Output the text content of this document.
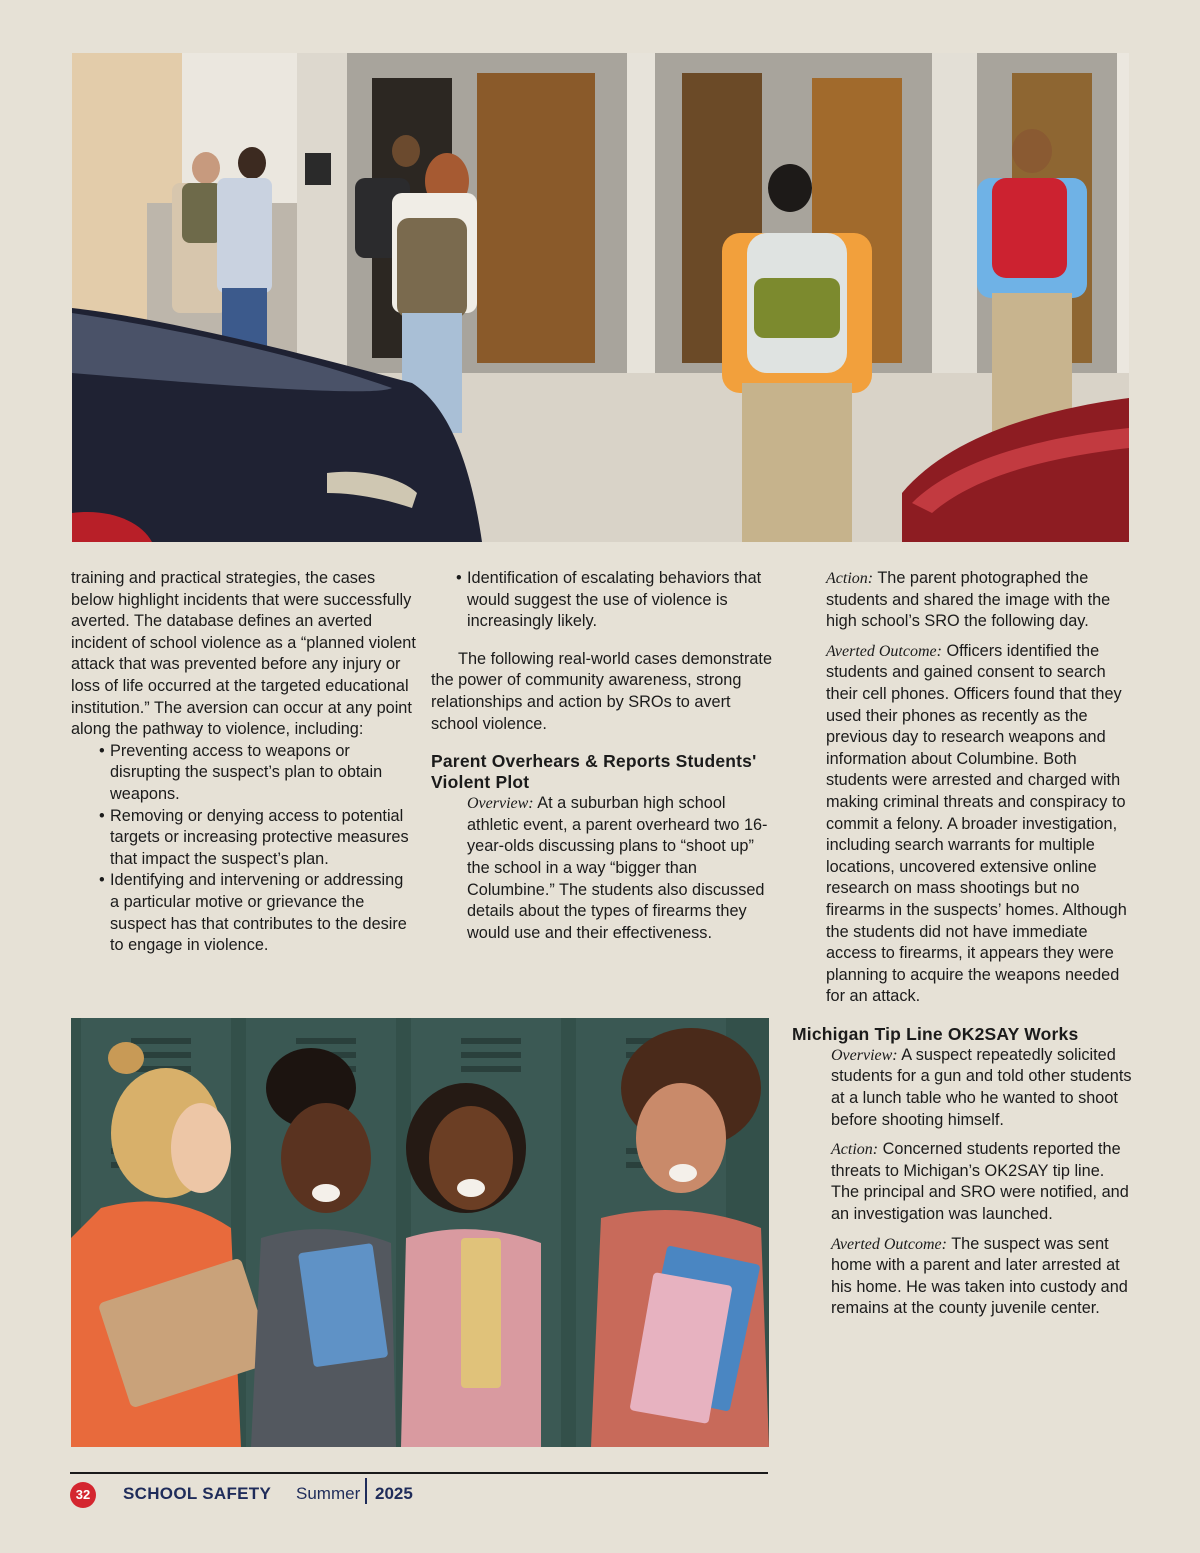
training and practical strategies, the cases below highlight incidents that were successfully averted. The database defines an averted incident of school violence as a “planned violent attack that was prevented before any injury or loss of life occurred at the targeted educational institution.” The aversion can occur at any point along the pathway to violence, including:

• Preventing access to weapons or disrupting the suspect’s plan to obtain weapons.
• Removing or denying access to potential targets or increasing protective measures that impact the suspect’s plan.
• Identifying and intervening or addressing a particular motive or grievance the suspect has that contributes to the desire to engage in violence.
• Identification of escalating behaviors that would suggest the use of violence is increasingly likely.

The following real-world cases demonstrate the power of community awareness, strong relationships and action by SROs to avert school violence.

Parent Overhears & Reports Students' Violent Plot

Overview: At a suburban high school athletic event, a parent overheard two 16-year-olds discussing plans to “shoot up” the school in a way “bigger than Columbine.” The students also discussed details about the types of firearms they would use and their effectiveness.

Action: The parent photographed the students and shared the image with the high school’s SRO the following day.

Averted Outcome: Officers identified the students and gained consent to search their cell phones. Officers found that they used their phones as recently as the previous day to research weapons and information about Columbine. Both students were arrested and charged with making criminal threats and conspiracy to commit a felony. A broader investigation, including search warrants for multiple locations, uncovered extensive online research on mass shootings but no firearms in the suspects’ homes. Although the students did not have immediate access to firearms, it appears they were planning to acquire the weapons needed for an attack.

Michigan Tip Line OK2SAY Works

Overview: A suspect repeatedly solicited students for a gun and told other students at a lunch table who he wanted to shoot before shooting himself.

Action: Concerned students reported the threats to Michigan’s OK2SAY tip line. The principal and SRO were notified, and an investigation was launched.

Averted Outcome: The suspect was sent home with a parent and later arrested at his home. He was taken into custody and remains at the county juvenile center.

32	SCHOOL SAFETY Summer 2025
